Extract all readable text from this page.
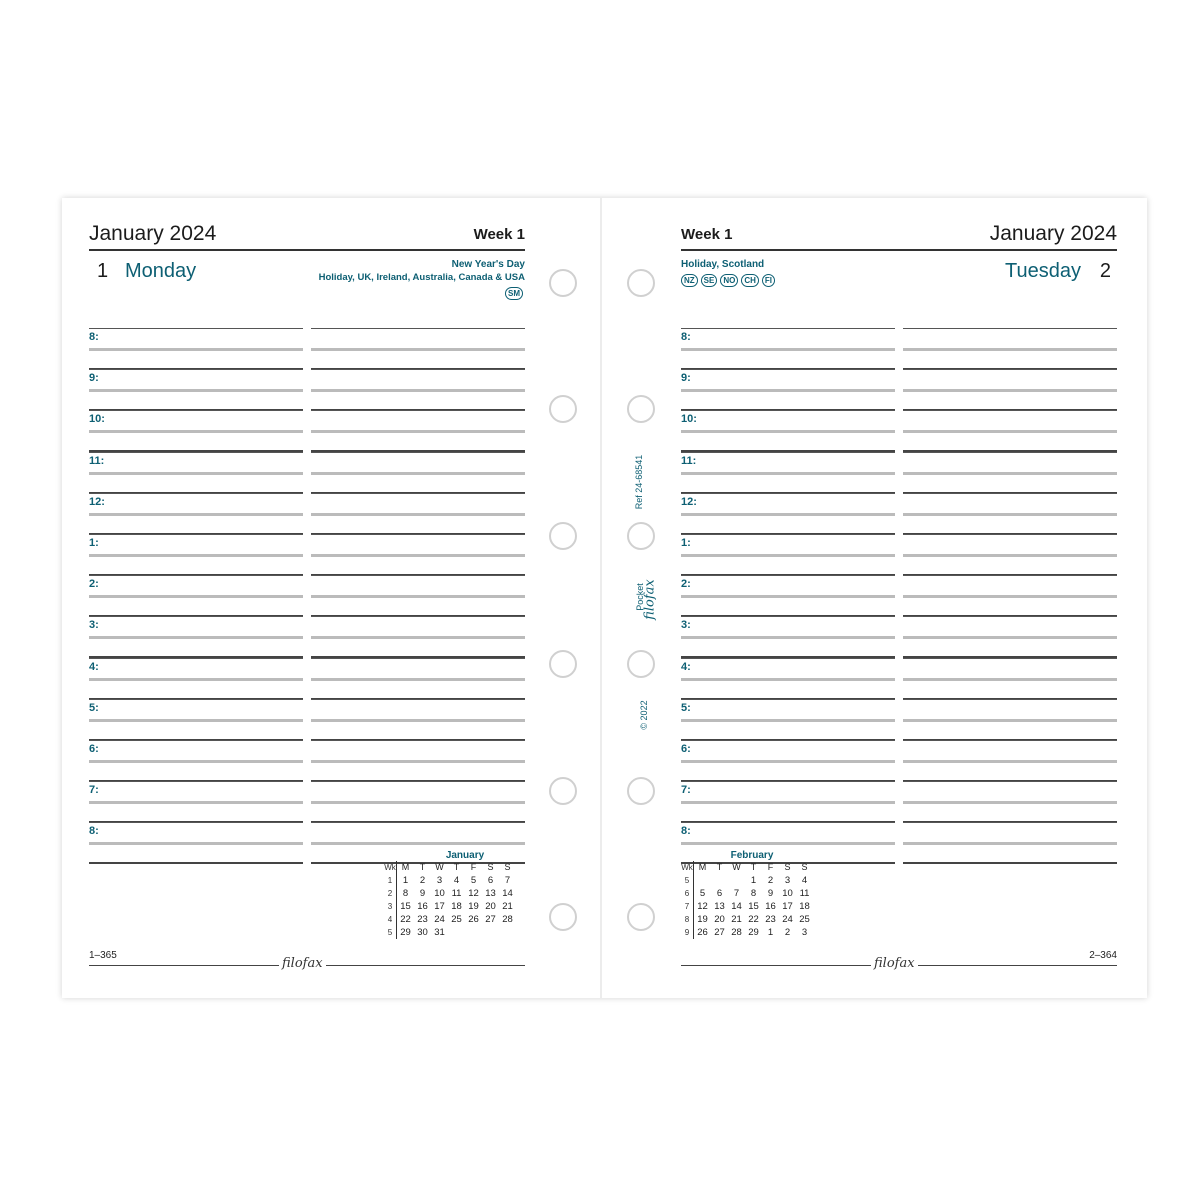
January 2024	Week 1
1 Monday	New Year's Day
Holiday, UK, Ireland, Australia, Canada & USA
SM
8:
9:
10:
11:
12:
1:
2:
3:
4:
5:
6:
7:
8:
January
Wk	M	T	W	T	F	S	S
1	1	2	3	4	5	6	7
2	8	9	10	11	12	13	14
3	15	16	17	18	19	20	21
4	22	23	24	25	26	27	28
5	29	30	31				
1–365
filofax
Week 1	January 2024
Holiday, Scotland
NZ	SE	NO	CH	FI	Tuesday 2
8:
9:
10:
11:
12:
1:
2:
3:
4:
5:
6:
7:
8:
February
Wk	M	T	W	T	F	S	S
5				1	2	3	4
6	5	6	7	8	9	10	11
7	12	13	14	15	16	17	18
8	19	20	21	22	23	24	25
9	26	27	28	29	1	2	3
2–364
filofax
Ref 24-68541
Pocket
filofax
© 2022
